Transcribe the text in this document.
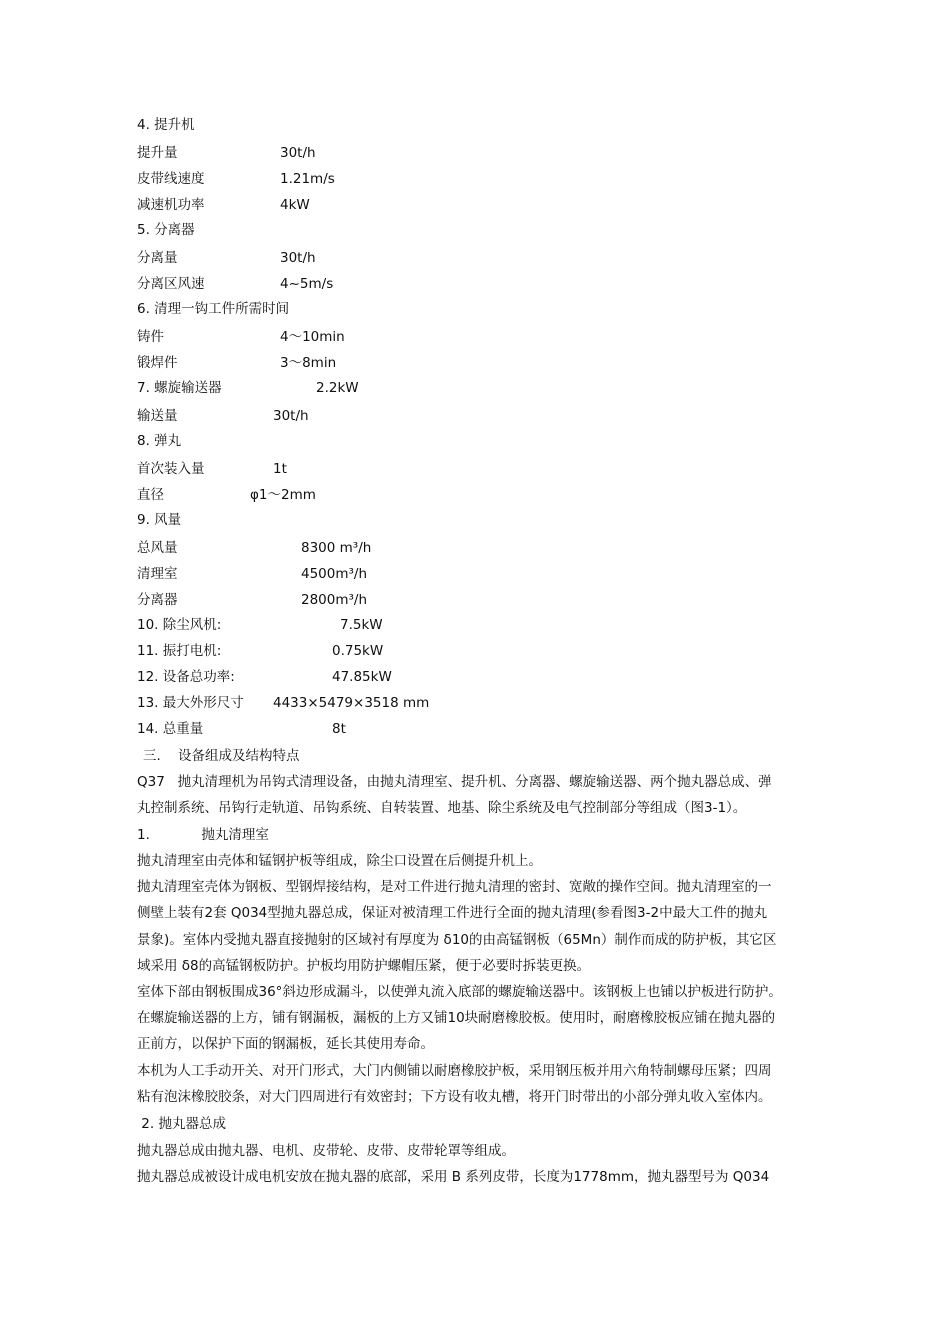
4. 提升机
提升量	30t/h
皮带线速度	1.21m/s
减速机功率	4kW
5. 分离器
分离量	30t/h
分离区风速	4~5m/s
6. 清理一钩工件所需时间
铸件	4～10min
锻焊件	3～8min
7. 螺旋输送器	2.2kW
输送量	30t/h
8. 弹丸
首次装入量	1t
直径	φ1～2mm
9. 风量
总风量	8300 m³/h
清理室	4500m³/h
分离器	2800m³/h
10. 除尘风机:	7.5kW
11. 振打电机:	0.75kW
12. 设备总功率:	47.85kW
13. 最大外形尺寸 4433×5479×3518 mm
14. 总重量	8t
三.    设备组成及结构特点
Q37   抛丸清理机为吊钩式清理设备，由抛丸清理室、提升机、分离器、螺旋输送器、两个抛丸器总成、弹
丸控制系统、吊钩行走轨道、吊钩系统、自转装置、地基、除尘系统及电气控制部分等组成（图3-1）。
1.            抛丸清理室
抛丸清理室由壳体和锰钢护板等组成，除尘口设置在后侧提升机上。
抛丸清理室壳体为钢板、型钢焊接结构，是对工件进行抛丸清理的密封、宽敞的操作空间。抛丸清理室的一
侧壁上装有2套 Q034型抛丸器总成，保证对被清理工件进行全面的抛丸清理(参看图3-2中最大工件的抛丸
景象)。室体内受抛丸器直接抛射的区域衬有厚度为 δ10的由高锰钢板（65Mn）制作而成的防护板，其它区
域采用 δ8的高锰钢板防护。护板均用防护螺帽压紧，便于必要时拆装更换。
室体下部由钢板围成36°斜边形成漏斗，以使弹丸流入底部的螺旋输送器中。该钢板上也铺以护板进行防护。
在螺旋输送器的上方，铺有钢漏板，漏板的上方又铺10块耐磨橡胶板。使用时，耐磨橡胶板应铺在抛丸器的
正前方，以保护下面的钢漏板，延长其使用寿命。
本机为人工手动开关、对开门形式，大门内侧铺以耐磨橡胶护板，采用钢压板并用六角特制螺母压紧；四周
粘有泡沫橡胶胶条，对大门四周进行有效密封；下方设有收丸槽，将开门时带出的小部分弹丸收入室体内。
2. 抛丸器总成
抛丸器总成由抛丸器、电机、皮带轮、皮带、皮带轮罩等组成。
抛丸器总成被设计成电机安放在抛丸器的底部，采用 B 系列皮带，长度为1778mm，抛丸器型号为 Q034
